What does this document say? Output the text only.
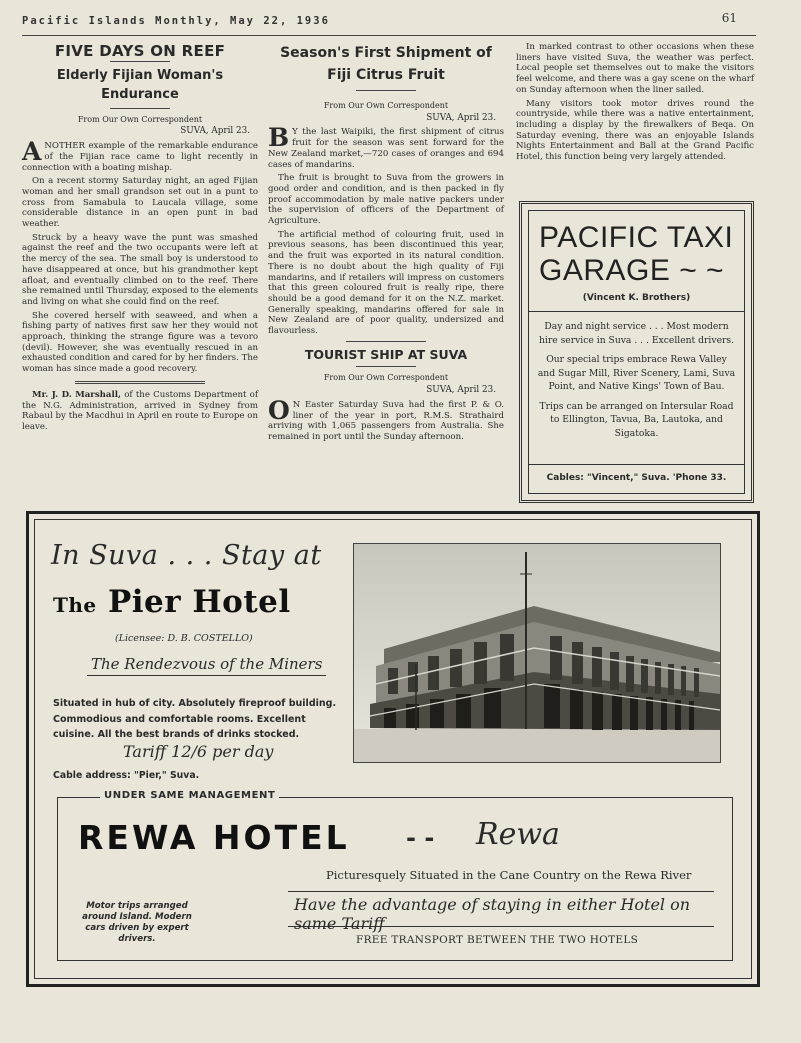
Pacific Islands Monthly, May 22, 1936	61
FIVE DAYS ON REEF
Elderly Fijian Woman's Endurance
From Our Own Correspondent
SUVA, April 23.

ANOTHER example of the remarkable endurance of the Fijian race came to light recently in connection with a boating mishap.

On a recent stormy Saturday night, an aged Fijian woman and her small grandson set out in a punt to cross from Samabula to Laucala village, some considerable distance in an open punt in bad weather.

Struck by a heavy wave the punt was smashed against the reef and the two occupants were left at the mercy of the sea. The small boy is understood to have disappeared at once, but his grandmother kept afloat, and eventually climbed on to the reef. There she remained until Thursday, exposed to the elements and living on what she could find on the reef.

She covered herself with seaweed, and when a fishing party of natives first saw her they would not approach, thinking the strange figure was a tevoro (devil). However, she was eventually rescued in an exhausted condition and cared for by her finders. The woman has since made a good recovery.

Mr. J. D. Marshall, of the Customs Department of the N.G. Administration, arrived in Sydney from Rabaul by the Macdhui in April en route to Europe on leave.

Season's First Shipment of Fiji Citrus Fruit
From Our Own Correspondent
SUVA, April 23.

B Y the last Waipiki, the first shipment of citrus fruit for the season was sent forward for the New Zealand market,—720 cases of oranges and 694 cases of mandarins.

The fruit is brought to Suva from the growers in good order and condition, and is then packed in fly proof accommodation by male native packers under the supervision of officers of the Department of Agriculture.

The artificial method of colouring fruit, used in previous seasons, has been discontinued this year, and the fruit was exported in its natural condition. There is no doubt about the high quality of Fiji mandarins, and if retailers will impress on customers that this green coloured fruit is really ripe, there should be a good demand for it on the N.Z. market. Generally speaking, mandarins offered for sale in New Zealand are of poor quality, undersized and flavourless.

TOURIST SHIP AT SUVA
From Our Own Correspondent
SUVA, April 23.

O N Easter Saturday Suva had the first P. & O. liner of the year in port, R.M.S. Strathaird arriving with 1,065 passengers from Australia. She remained in port until the Sunday afternoon.

In marked contrast to other occasions when these liners have visited Suva, the weather was perfect. Local people set themselves out to make the visitors feel welcome, and there was a gay scene on the wharf on Sunday afternoon when the liner sailed.

Many visitors took motor drives round the countryside, while there was a native entertainment, including a display by the firewalkers of Beqa. On Saturday evening, there was an enjoyable Islands Nights Entertainment and Ball at the Grand Pacific Hotel, this function being very largely attended.

PACIFIC TAXI
GARAGE ~ ~
(Vincent K. Brothers)

Day and night service . . . Most modern hire service in Suva . . . Excellent drivers.

Our special trips embrace Rewa Valley and Sugar Mill, River Scenery, Lami, Suva Point, and Native Kings' Town of Bau.

Trips can be arranged on Intersular Road to Ellington, Tavua, Ba, Lautoka, and Sigatoka.

Cables: "Vincent," Suva. 'Phone 33.
In Suva . . . Stay at
The Pier Hotel
(Licensee: D. B. COSTELLO)
The Rendezvous of the Miners
Situated in hub of city. Absolutely fireproof building. Commodious and comfortable rooms. Excellent cuisine. All the best brands of drinks stocked.
Tariff 12/6 per day
Cable address: "Pier," Suva.
UNDER SAME MANAGEMENT
REWA HOTEL - - Rewa
Picturesquely Situated in the Cane Country on the Rewa River
Have the advantage of staying in either Hotel on same Tariff
FREE TRANSPORT BETWEEN THE TWO HOTELS
Motor trips arranged around Island. Modern cars driven by expert drivers.
